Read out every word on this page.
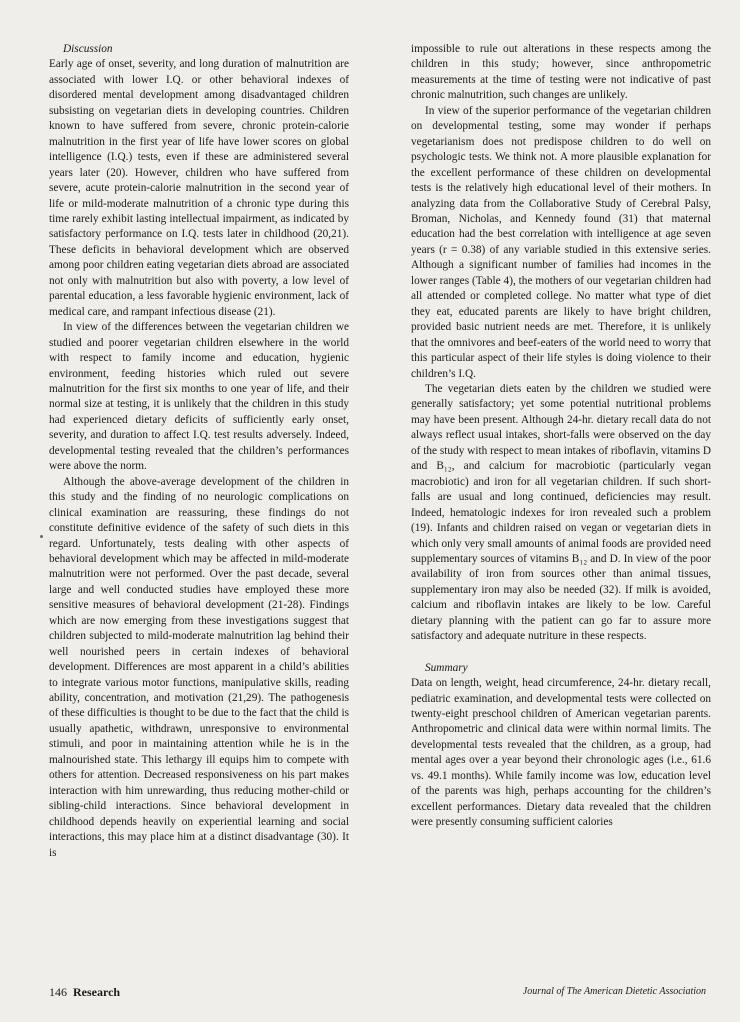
Discussion

Early age of onset, severity, and long duration of malnutrition are associated with lower I.Q. or other behavioral indexes of disordered mental development among disadvantaged children subsisting on vegetarian diets in developing countries. Children known to have suffered from severe, chronic protein-calorie malnutrition in the first year of life have lower scores on global intelligence (I.Q.) tests, even if these are administered several years later (20). However, children who have suffered from severe, acute protein-calorie malnutrition in the second year of life or mild-moderate malnutrition of a chronic type during this time rarely exhibit lasting intellectual impairment, as indicated by satisfactory performance on I.Q. tests later in childhood (20,21). These deficits in behavioral development which are observed among poor children eating vegetarian diets abroad are associated not only with malnutrition but also with poverty, a low level of parental education, a less favorable hygienic environment, lack of medical care, and rampant infectious disease (21).

In view of the differences between the vegetarian children we studied and poorer vegetarian children elsewhere in the world with respect to family income and education, hygienic environment, feeding histories which ruled out severe malnutrition for the first six months to one year of life, and their normal size at testing, it is unlikely that the children in this study had experienced dietary deficits of sufficiently early onset, severity, and duration to affect I.Q. test results adversely. Indeed, developmental testing revealed that the children’s performances were above the norm.

Although the above-average development of the children in this study and the finding of no neurologic complications on clinical examination are reassuring, these findings do not constitute definitive evidence of the safety of such diets in this regard. Unfortunately, tests dealing with other aspects of behavioral development which may be affected in mild-moderate malnutrition were not performed. Over the past decade, several large and well conducted studies have employed these more sensitive measures of behavioral development (21-28). Findings which are now emerging from these investigations suggest that children subjected to mild-moderate malnutrition lag behind their well nourished peers in certain indexes of behavioral development. Differences are most apparent in a child’s abilities to integrate various motor functions, manipulative skills, reading ability, concentration, and motivation (21,29). The pathogenesis of these difficulties is thought to be due to the fact that the child is usually apathetic, withdrawn, unresponsive to environmental stimuli, and poor in maintaining attention while he is in the malnourished state. This lethargy ill equips him to compete with others for attention. Decreased responsiveness on his part makes interaction with him unrewarding, thus reducing mother-child or sibling-child interactions. Since behavioral development in childhood depends heavily on experiential learning and social interactions, this may place him at a distinct disadvantage (30). It is

impossible to rule out alterations in these respects among the children in this study; however, since anthropometric measurements at the time of testing were not indicative of past chronic malnutrition, such changes are unlikely.

In view of the superior performance of the vegetarian children on developmental testing, some may wonder if perhaps vegetarianism does not predispose children to do well on psychologic tests. We think not. A more plausible explanation for the excellent performance of these children on developmental tests is the relatively high educational level of their mothers. In analyzing data from the Collaborative Study of Cerebral Palsy, Broman, Nicholas, and Kennedy found (31) that maternal education had the best correlation with intelligence at age seven years (r = 0.38) of any variable studied in this extensive series. Although a significant number of families had incomes in the lower ranges (Table 4), the mothers of our vegetarian children had all attended or completed college. No matter what type of diet they eat, educated parents are likely to have bright children, provided basic nutrient needs are met. Therefore, it is unlikely that the omnivores and beef-eaters of the world need to worry that this particular aspect of their life styles is doing violence to their children’s I.Q.

The vegetarian diets eaten by the children we studied were generally satisfactory; yet some potential nutritional problems may have been present. Although 24-hr. dietary recall data do not always reflect usual intakes, short-falls were observed on the day of the study with respect to mean intakes of riboflavin, vitamins D and B₁₂, and calcium for macrobiotic (particularly vegan macrobiotic) and iron for all vegetarian children. If such short-falls are usual and long continued, deficiencies may result. Indeed, hematologic indexes for iron revealed such a problem (19). Infants and children raised on vegan or vegetarian diets in which only very small amounts of animal foods are provided need supplementary sources of vitamins B₁₂ and D. In view of the poor availability of iron from sources other than animal tissues, supplementary iron may also be needed (32). If milk is avoided, calcium and riboflavin intakes are likely to be low. Careful dietary planning with the patient can go far to assure more satisfactory and adequate nutriture in these respects.

Summary

Data on length, weight, head circumference, 24-hr. dietary recall, pediatric examination, and developmental tests were collected on twenty-eight preschool children of American vegetarian parents. Anthropometric and clinical data were within normal limits. The developmental tests revealed that the children, as a group, had mental ages over a year beyond their chronologic ages (i.e., 61.6 vs. 49.1 months). While family income was low, education level of the parents was high, perhaps accounting for the children’s excellent performances. Dietary data revealed that the children were presently consuming sufficient calories

146 Research	Journal of The American Dietetic Association
